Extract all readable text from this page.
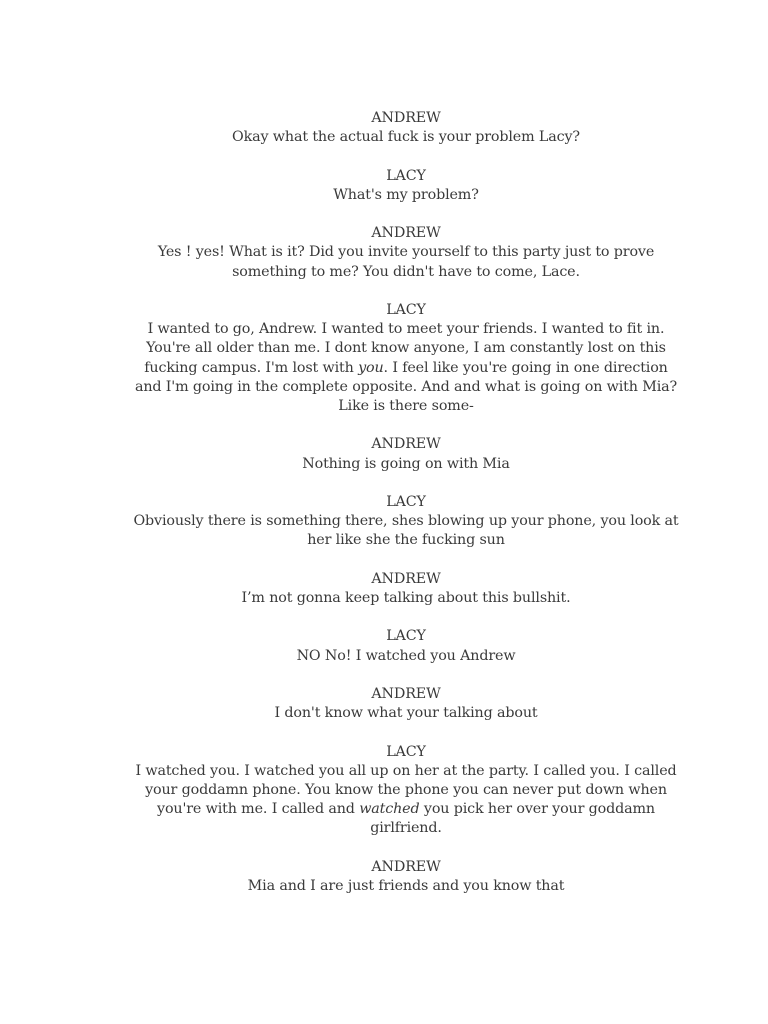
ANDREW
Okay what the actual fuck is your problem Lacy?
LACY
What's my problem?
ANDREW
Yes ! yes! What is it? Did you invite yourself to this party just to prove something to me? You didn't have to come, Lace.
LACY
I wanted to go, Andrew. I wanted to meet your friends. I wanted to fit in. You're all older than me. I dont know anyone, I am constantly lost on this fucking campus. I'm lost with you. I feel like you're going in one direction and I'm going in the complete opposite. And and what is going on with Mia? Like is there some-
ANDREW
Nothing is going on with Mia
LACY
Obviously there is something there, shes blowing up your phone, you look at her like she the fucking sun
ANDREW
I’m not gonna keep talking about this bullshit.
LACY
NO No! I watched you Andrew
ANDREW
I don't know what your talking about
LACY
I watched you. I watched you all up on her at the party. I called you. I called your goddamn phone. You know the phone you can never put down when you're with me. I called and watched you pick her over your goddamn girlfriend.
ANDREW
Mia and I are just friends and you know that
